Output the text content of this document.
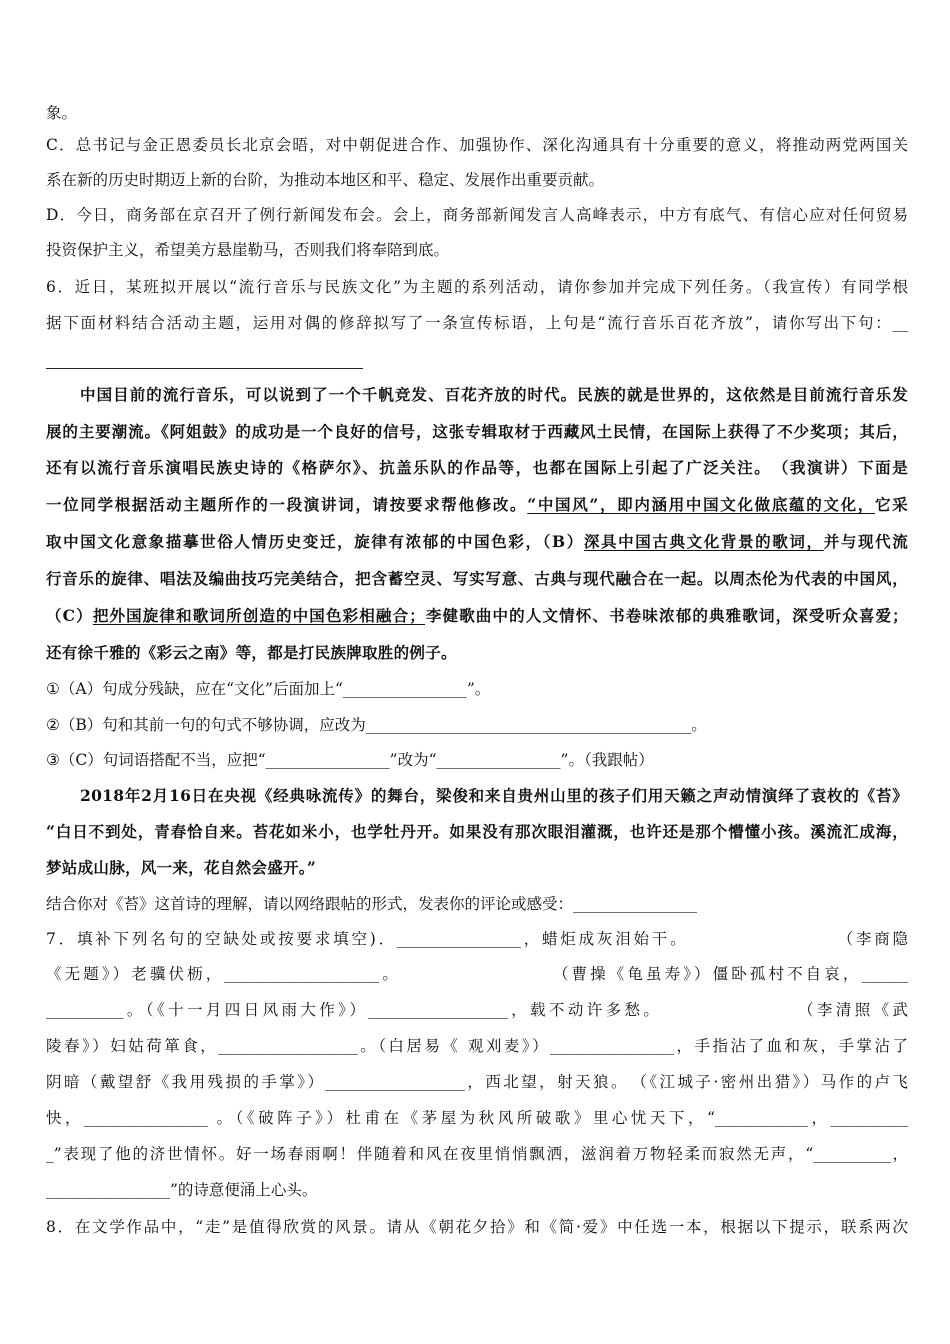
象。
C．总书记与金正恩委员长北京会晤，对中朝促进合作、加强协作、深化沟通具有十分重要的意义，将推动两党两国关
系在新的历史时期迈上新的台阶，为推动本地区和平、稳定、发展作出重要贡献。
D．今日，商务部在京召开了例行新闻发布会。会上，商务部新闻发言人高峰表示，中方有底气、有信心应对任何贸易
投资保护主义，希望美方悬崖勒马，否则我们将奉陪到底。
6．近日，某班拟开展以“流行音乐与民族文化”为主题的系列活动，请你参加并完成下列任务。（我宣传）有同学根
据下面材料结合活动主题，运用对偶的修辞拟写了一条宣传标语，上句是“流行音乐百花齐放”，请你写出下句：__
中国目前的流行音乐，可以说到了一个千帆竞发、百花齐放的时代。民族的就是世界的，这依然是目前流行音乐发
展的主要潮流。《阿姐鼓》的成功是一个良好的信号，这张专辑取材于西藏风土民情，在国际上获得了不少奖项；其后，
还有以流行音乐演唱民族史诗的《格萨尔》、抗盖乐队的作品等，也都在国际上引起了广泛关注。　（我演讲）下面是
一位同学根据活动主题所作的一段演讲词，请按要求帮他修改。“中国风”，即内涵用中国文化做底蕴的文化，它采
取中国文化意象描摹世俗人情历史变迁，旋律有浓郁的中国色彩，（B）深具中国古典文化背景的歌词，并与现代流
行音乐的旋律、唱法及编曲技巧完美结合，把含蓄空灵、写实写意、古典与现代融合在一起。以周杰伦为代表的中国风，
（C）把外国旋律和歌词所创造的中国色彩相融合；李健歌曲中的人文情怀、书卷味浓郁的典雅歌词，深受听众喜爱；
还有徐千雅的《彩云之南》等，都是打民族牌取胜的例子。
①（A）句成分残缺，应在“文化”后面加上“________________”。
②（B）句和其前一句的句式不够协调，应改为__________________________________________。
③（C）句词语搭配不当，应把“________________”改为“________________”。（我跟帖）
2018年2月16日在央视《经典咏流传》的舞台，梁俊和来自贵州山里的孩子们用天籁之声动情演绎了袁枚的《苔》
“白日不到处，青春恰自来。苔花如米小，也学牡丹开。如果没有那次眼泪灌溉，也许还是那个懵懂小孩。溪流汇成海，
梦站成山脉，风一来，花自然会盛开。”
结合你对《苔》这首诗的理解，请以网络跟帖的形式，发表你的评论或感受：________________
7．填补下列名句的空缺处或按要求填空)．________________，蜡炬成灰泪始干。　　　　　　　　　（李商隐
《无题》）老骥伏枥，____________________。　　　　　　　　　（曹操《龟虽寿》）僵卧孤村不自哀，______
__________。（《十一月四日风雨大作》）__________________，载不动许多愁。　　　　　　　　（李清照《武
陵春》）妇姑荷箪食，__________________。（白居易《 观刈麦》）________________，手指沾了血和灰，手掌沾了
阴暗（戴望舒《我用残损的手掌》）__________________，西北望，射天狼。　（《江城子·密州出猎》）马作的卢飞
快，________________ 。（《破阵子》）杜甫在《茅屋为秋风所破歌》里心忧天下，“____________，__________
_”表现了他的济世情怀。好一场春雨啊！伴随着和风在夜里悄悄飘洒，滋润着万物轻柔而寂然无声，“__________，
________________”的诗意便涌上心头。
8．在文学作品中，“走”是值得欣赏的风景。请从《朝花夕拾》和《简·爱》中任选一本，根据以下提示，联系两次
